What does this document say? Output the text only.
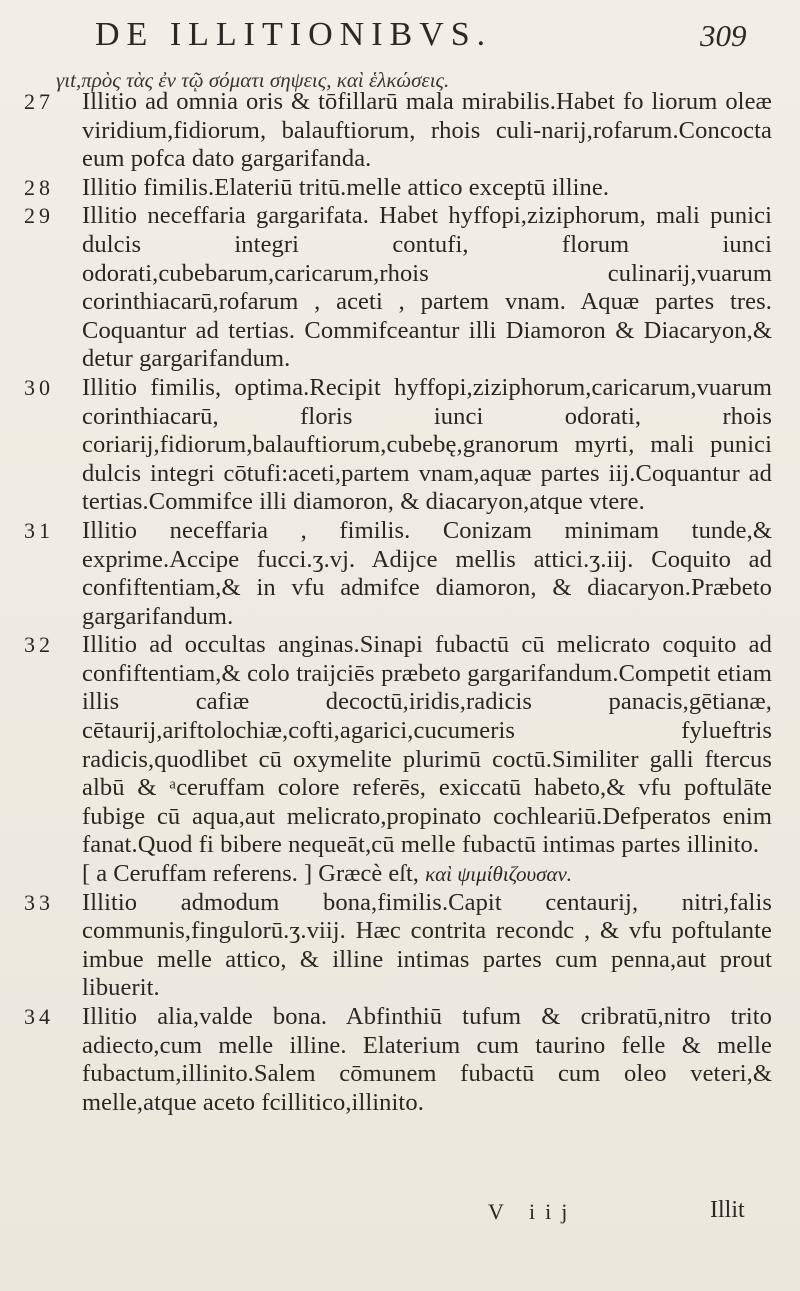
DE ILLITIONIBVS.	309
γιt,πρὸς τὰς ἐν τῷ σόματι σηψεις, καὶ ἑλκώσεις.
27	Illitio ad omnia oris & tōfillarū mala mirabilis.Habet fo liorum oleæ viridium,fidiorum, balauftiorum, rhois culi-narij,rofarum.Concocta eum pofca dato gargarifanda.
28	Illitio fimilis.Elateriū tritū.melle attico exceptū illine.
29	Illitio neceffaria gargarifata. Habet hyffopi,ziziphorum, mali punici dulcis integri contufi, florum iunci odorati,cubebarum,caricarum,rhois culinarij,vuarum corinthiacarū,rofarum , aceti , partem vnam. Aquæ partes tres. Coquantur ad tertias. Commifceantur illi Diamoron & Diacaryon,& detur gargarifandum.
30	Illitio fimilis, optima.Recipit hyffopi,ziziphorum,caricarum,vuarum corinthiacarū, floris iunci odorati, rhois coriarij,fidiorum,balauftiorum,cubebę,granorum myrti, mali punici dulcis integri cōtufi:aceti,partem vnam,aquæ partes iij.Coquantur ad tertias.Commifce illi diamoron, & diacaryon,atque vtere.
31	Illitio neceffaria , fimilis. Conizam minimam tunde,& exprime.Accipe fucci.ʒ.vj. Adijce mellis attici.ʒ.iij. Coquito ad confiftentiam,& in vfu admifce diamoron, & diacaryon.Præbeto gargarifandum.
32	Illitio ad occultas anginas.Sinapi fubactū cū melicrato coquito ad confiftentiam,& colo traijciēs præbeto gargarifandum.Competit etiam illis cafiæ decoctū,iridis,radicis panacis,gētianæ, cētaurij,ariftolochiæ,cofti,agarici,cucumeris fylueftris radicis,quodlibet cū oxymelite plurimū coctū.Similiter galli ftercus albū & ᵃceruffam colore referēs, exiccatū habeto,& vfu poftulāte fubige cū aqua,aut melicrato,propinato cochleariū.Defperatos enim fanat.Quod fi bibere nequeāt,cū melle fubactū intimas partes illinito.
[ a Ceruffam referens. ] Græcè eſt, καὶ ψιμίθιζουσαν.
33	Illitio admodum bona,fimilis.Capit centaurij, nitri,falis communis,fingulorū.ʒ.viij. Hæc contrita recondc , & vfu poftulante imbue melle attico, & illine intimas partes cum penna,aut prout libuerit.
34	Illitio alia,valde bona. Abfinthiū tufum & cribratū,nitro trito adiecto,cum melle illine. Elaterium cum taurino felle & melle fubactum,illinito.Salem cōmunem fubactū cum oleo veteri,& melle,atque aceto fcillitico,illinito.
V iij	Illit
